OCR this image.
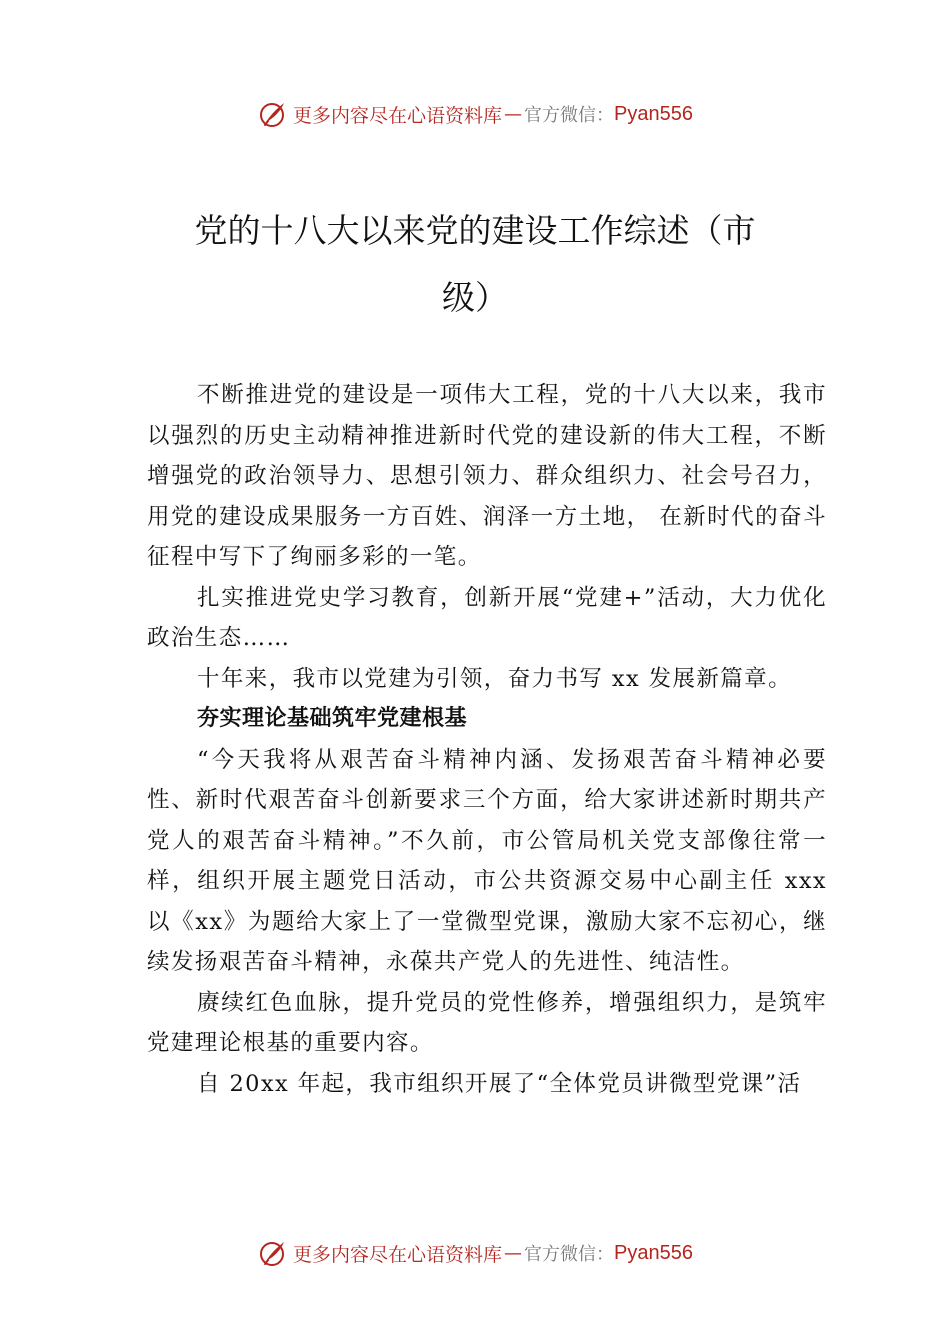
更多内容尽在心语资料库 — 官方微信： Pyan556
党的十八大以来党的建设工作综述（市
级）

不断推进党的建设是一项伟大工程，党的十八大以来，我市以强烈的历史主动精神推进新时代党的建设新的伟大工程，不断增强党的政治领导力、思想引领力、群众组织力、社会号召力，用党的建设成果服务一方百姓、润泽一方土地， 在新时代的奋斗征程中写下了绚丽多彩的一笔。

扎实推进党史学习教育，创新开展“党建+”活动，大力优化政治生态……

十年来，我市以党建为引领，奋力书写 xx 发展新篇章。

夯实理论基础筑牢党建根基

“今天我将从艰苦奋斗精神内涵、发扬艰苦奋斗精神必要性、新时代艰苦奋斗创新要求三个方面，给大家讲述新时期共产党人的艰苦奋斗精神。”不久前，市公管局机关党支部像往常一样，组织开展主题党日活动，市公共资源交易中心副主任 xxx 以《xx》为题给大家上了一堂微型党课，激励大家不忘初心，继续发扬艰苦奋斗精神，永葆共产党人的先进性、纯洁性。

赓续红色血脉，提升党员的党性修养，增强组织力，是筑牢党建理论根基的重要内容。

自 20xx 年起，我市组织开展了“全体党员讲微型党课”活

更多内容尽在心语资料库 — 官方微信： Pyan556
